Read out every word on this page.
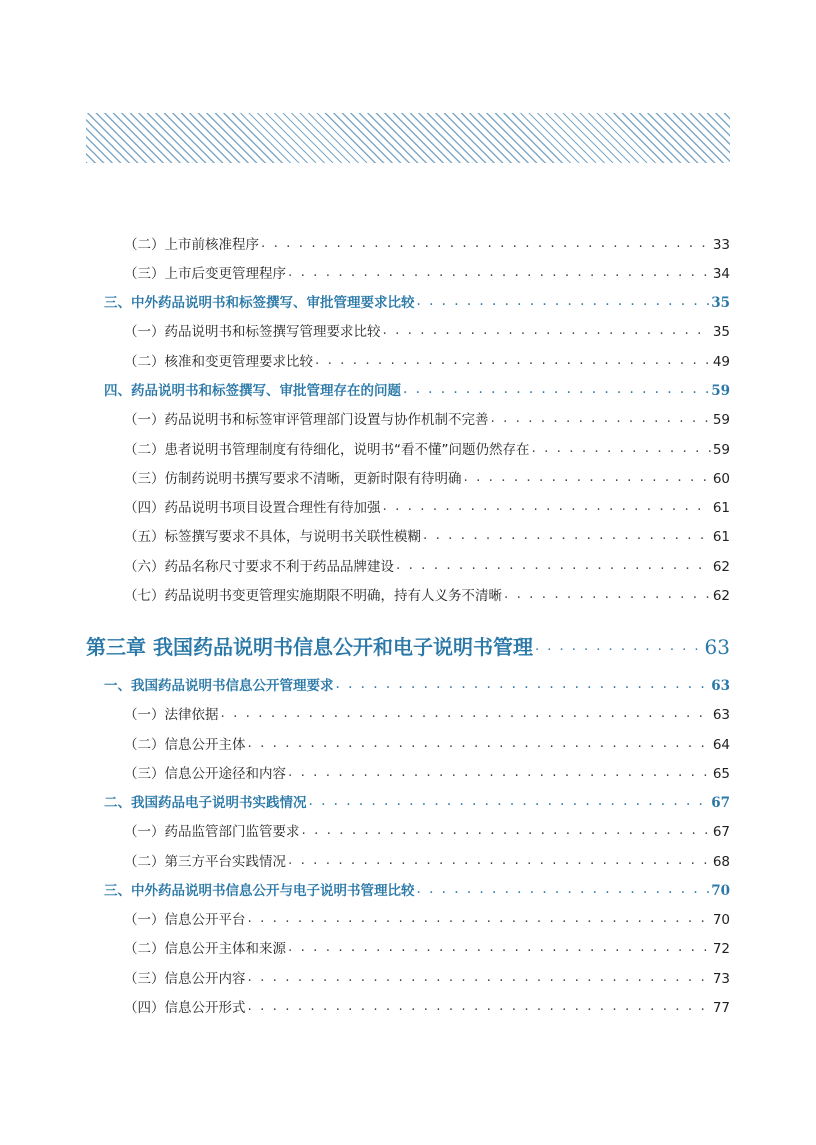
（二）上市前核准程序 . . .	33
（三）上市后变更管理程序 . . .	34
三、中外药品说明书和标签撰写、审批管理要求比较 . . .	35
（一）药品说明书和标签撰写管理要求比较 . . .	35
（二）核准和变更管理要求比较 . . .	49
四、药品说明书和标签撰写、审批管理存在的问题 . . .	59
（一）药品说明书和标签审评管理部门设置与协作机制不完善 . . .	59
（二）患者说明书管理制度有待细化，说明书“看不懂”问题仍然存在 . . .	59
（三）仿制药说明书撰写要求不清晰，更新时限有待明确 . . .	60
（四）药品说明书项目设置合理性有待加强 . . .	61
（五）标签撰写要求不具体，与说明书关联性模糊 . . .	61
（六）药品名称尺寸要求不利于药品品牌建设 . . .	62
（七）药品说明书变更管理实施期限不明确，持有人义务不清晰 . . .	62
第三章 我国药品说明书信息公开和电子说明书管理 . . .	63
一、我国药品说明书信息公开管理要求 . . .	63
（一）法律依据 . . .	63
（二）信息公开主体 . . .	64
（三）信息公开途径和内容 . . .	65
二、我国药品电子说明书实践情况 . . .	67
（一）药品监管部门监管要求 . . .	67
（二）第三方平台实践情况 . . .	68
三、中外药品说明书信息公开与电子说明书管理比较 . . .	70
（一）信息公开平台 . . .	70
（二）信息公开主体和来源 . . .	72
（三）信息公开内容 . . .	73
（四）信息公开形式 . . .	77
